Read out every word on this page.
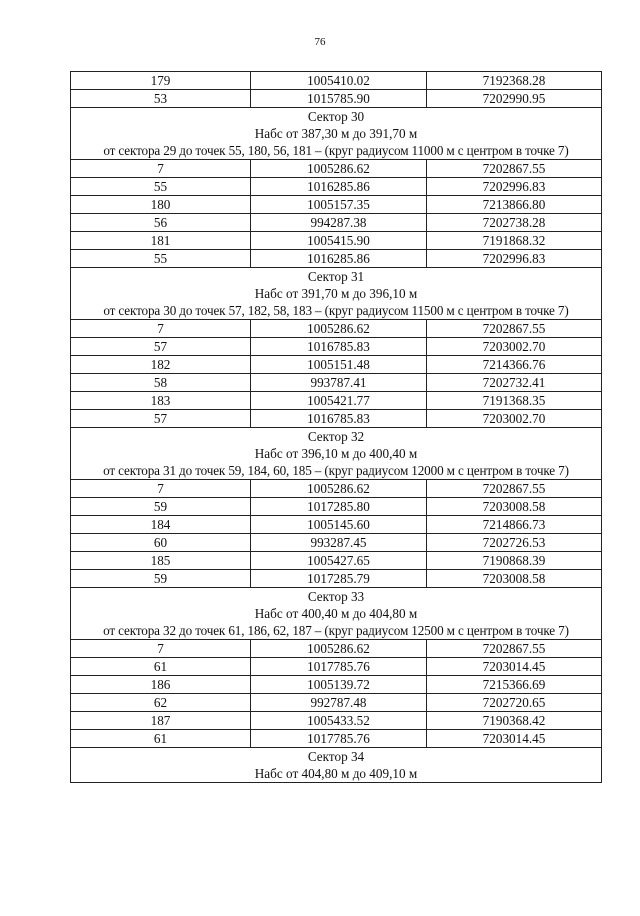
76
179	1005410.02	7192368.28
53	1015785.90	7202990.95
Сектор 30		
Набс от 387,30 м до 391,70 м		
от сектора 29 до точек 55, 180, 56, 181 – (круг радиусом 11000 м с центром в точке 7)		
7	1005286.62	7202867.55
55	1016285.86	7202996.83
180	1005157.35	7213866.80
56	994287.38	7202738.28
181	1005415.90	7191868.32
55	1016285.86	7202996.83
Сектор 31		
Набс от 391,70 м до 396,10 м		
от сектора 30 до точек 57, 182, 58, 183 – (круг радиусом 11500 м с центром в точке 7)		
7	1005286.62	7202867.55
57	1016785.83	7203002.70
182	1005151.48	7214366.76
58	993787.41	7202732.41
183	1005421.77	7191368.35
57	1016785.83	7203002.70
Сектор 32		
Набс от 396,10 м до 400,40 м		
от сектора 31 до точек 59, 184, 60, 185 – (круг радиусом 12000 м с центром в точке 7)		
7	1005286.62	7202867.55
59	1017285.80	7203008.58
184	1005145.60	7214866.73
60	993287.45	7202726.53
185	1005427.65	7190868.39
59	1017285.79	7203008.58
Сектор 33		
Набс от 400,40 м до 404,80 м		
от сектора 32 до точек 61, 186, 62, 187 – (круг радиусом 12500 м с центром в точке 7)		
7	1005286.62	7202867.55
61	1017785.76	7203014.45
186	1005139.72	7215366.69
62	992787.48	7202720.65
187	1005433.52	7190368.42
61	1017785.76	7203014.45
Сектор 34		
Набс от 404,80 м до 409,10 м		
